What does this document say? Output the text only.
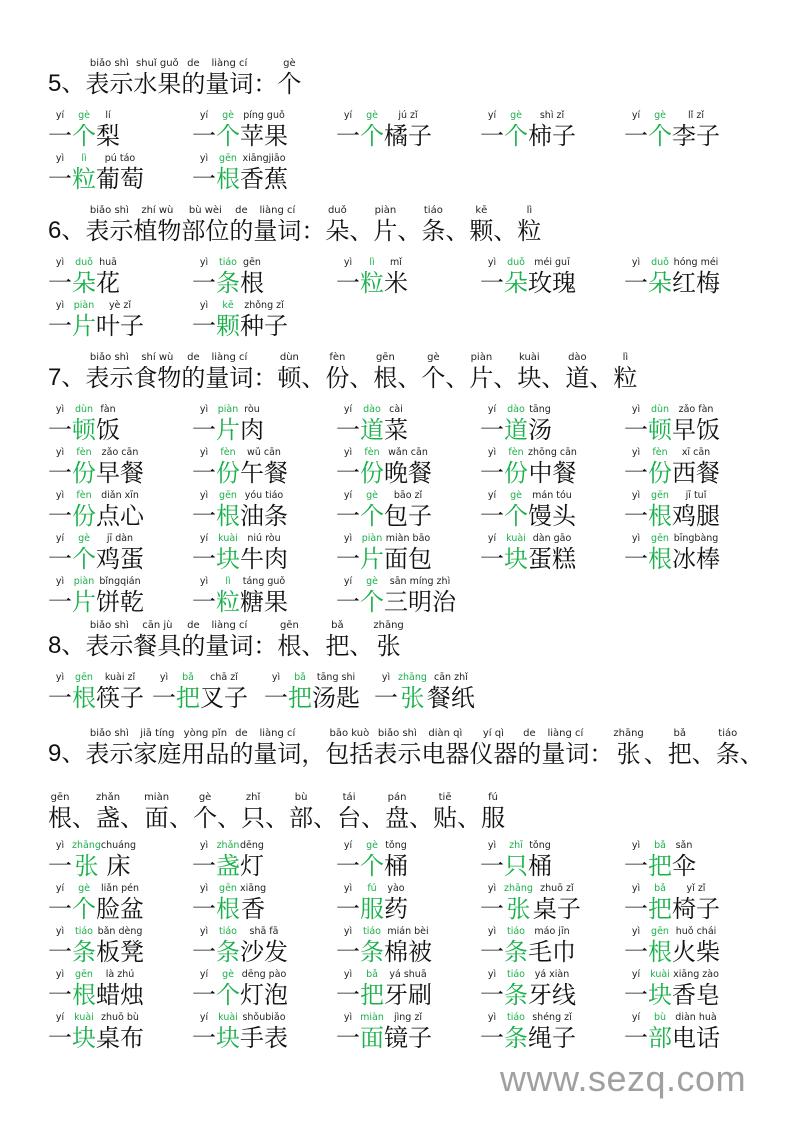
5、
biǎo shì
表示
shuǐ guǒ
水果
de
的
liàng cí
量词 ：
gè
个
yí
一
gè
个
lí
梨
yí
一
gè
个
píng guǒ
苹果
yí
一
gè
个
jú zǐ
橘子
yí
一
gè
个
shì zǐ
柿子
yí
一
gè
个
lǐ zǐ
李子
yì
一
lì
粒
pú táo
葡萄
yì
一
gēn
根
xiāngjiāo
香蕉
6、
biǎo shì
表示
zhí wù
植物
bù wèi
部位
de
的
liàng cí
量词 ：
duǒ
朵 、
piàn
片 、
tiáo
条 、
kē
颗 、
lì
粒
yì
一
duǒ
朵
huā
花
yì
一
tiáo
条
gēn
根
yì
一
lì
粒
mǐ
米
yì
一
duǒ
朵
méi guī
玫瑰
yì
一
duǒ
朵
hóng méi
红梅
yì
一
piàn
片
yè zǐ
叶子
yì
一
kē
颗
zhǒng zǐ
种子
7、
biǎo shì
表示
shí wù
食物
de
的
liàng cí
量词 ：
dùn
顿 、
fèn
份 、
gēn
根 、
gè
个 、
piàn
片 、
kuài
块 、
dào
道 、
lì
粒
yì
一
dùn
顿
fàn
饭
yì
一
piàn
片
ròu
肉
yí
一
dào
道
cài
菜
yí
一
dào
道
tāng
汤
yì
一
dùn
顿
zǎo fàn
早饭
yì
一
fèn
份
zǎo cān
早餐
yì
一
fèn
份
wǔ cān
午餐
yì
一
fèn
份
wǎn cān
晚餐
yì
一
fèn
份
zhōng cān
中餐
yì
一
fèn
份
xī cān
西餐
yì
一
fèn
份
diǎn xīn
点心
yì
一
gēn
根
yóu tiáo
油条
yí
一
gè
个
bāo zǐ
包子
yí
一
gè
个
mán tóu
馒头
yì
一
gēn
根
jī tuǐ
鸡腿
yí
一
gè
个
jī dàn
鸡蛋
yí
一
kuài
块
niú ròu
牛肉
yì
一
piàn
片
miàn bāo
面包
yí
一
kuài
块
dàn gāo
蛋糕
yì
一
gēn
根
bīngbàng
冰棒
yì
一
piàn
片
bǐngqián
饼乾
yì
一
lì
粒
táng guǒ
糖果
yí
一
gè
个
sān míng zhì
三明治
8、
biǎo shì
表示
cān jù
餐具
de
的
liàng cí
量词 ：
gēn
根 、
bǎ
把 、
zhāng
张
yì
一
gēn
根
kuài zǐ
筷子
yì
一
bǎ
把
chā zǐ
叉子
yì
一
bǎ
把
tāng shi
汤匙
yì
一
zhāng
张
cān zhǐ
餐纸
9、
biǎo shì
表示
jiā tíng
家庭
yòng pǐn
用品
de
的
liàng cí
量词 ，
bāo kuò
包括
biǎo shì
表示
diàn qì
电器
yí qì
仪器
de
的
liàng cí
量词 ：
zhāng
张 、
bǎ
把 、
tiáo
条 、
gēn
根 、
zhǎn
盏 、
miàn
面 、
gè
个 、
zhǐ
只 、
bù
部 、
tái
台 、
pán
盘 、
tiē
贴 、
fú
服
yì
一
zhāng
张
chuáng
床
yì
一
zhǎn
盏
dēng
灯
yí
一
gè
个
tǒng
桶
yì
一
zhī
只
tǒng
桶
yì
一
bǎ
把
sǎn
伞
yí
一
gè
个
liǎn pén
脸盆
yì
一
gēn
根
xiāng
香
yì
一
fú
服
yào
药
yì
一
zhāng
张
zhuō zǐ
桌子
yì
一
bǎ
把
yǐ zǐ
椅子
yì
一
tiáo
条
bǎn dèng
板凳
yì
一
tiáo
条
shā fā
沙发
yì
一
tiáo
条
mián bèi
棉被
yì
一
tiáo
条
máo jīn
毛巾
yì
一
gēn
根
huǒ chái
火柴
yì
一
gēn
根
là zhú
蜡烛
yí
一
gè
个
dēng pào
灯泡
yì
一
bǎ
把
yá shuā
牙刷
yì
一
tiáo
条
yá xiàn
牙线
yí
一
kuài
块
xiāng zào
香皂
yí
一
kuài
块
zhuō bù
桌布
yí
一
kuài
块
shǒubiǎo
手表
yì
一
miàn
面
jìng zǐ
镜子
yì
一
tiáo
条
shéng zǐ
绳子
yí
一
bù
部
diàn huà
电话
www.sezq.com
